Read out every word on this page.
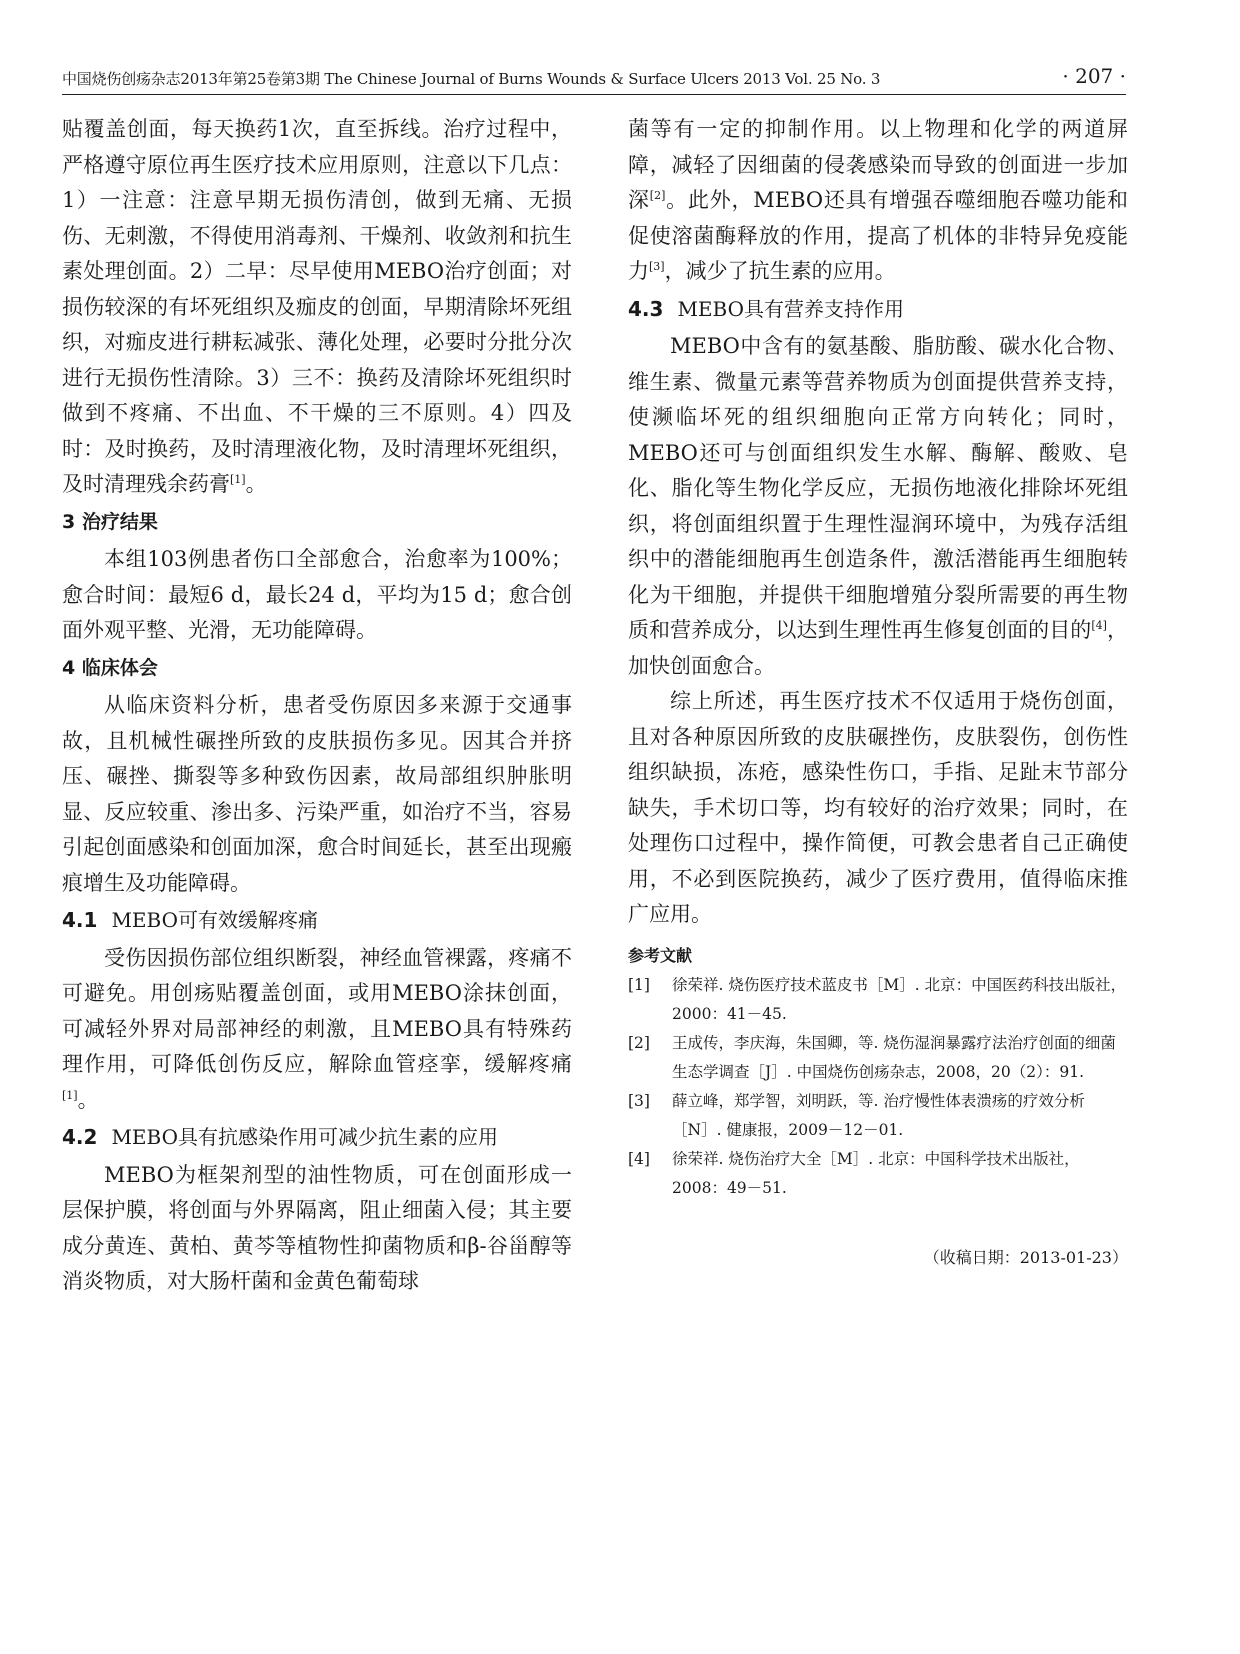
中国烧伤创疡杂志2013年第25卷第3期 The Chinese Journal of Burns Wounds & Surface Ulcers 2013 Vol. 25 No. 3	· 207 ·

贴覆盖创面，每天换药1次，直至拆线。治疗过程中，严格遵守原位再生医疗技术应用原则，注意以下几点：1）一注意：注意早期无损伤清创，做到无痛、无损伤、无刺激，不得使用消毒剂、干燥剂、收敛剂和抗生素处理创面。2）二早：尽早使用MEBO治疗创面；对损伤较深的有坏死组织及痂皮的创面，早期清除坏死组织，对痂皮进行耕耘减张、薄化处理，必要时分批分次进行无损伤性清除。3）三不：换药及清除坏死组织时做到不疼痛、不出血、不干燥的三不原则。4）四及时：及时换药，及时清理液化物，及时清理坏死组织，及时清理残余药膏[1]。

3 治疗结果

本组103例患者伤口全部愈合，治愈率为100%；愈合时间：最短6 d，最长24 d，平均为15 d；愈合创面外观平整、光滑，无功能障碍。

4 临床体会

从临床资料分析，患者受伤原因多来源于交通事故，且机械性碾挫所致的皮肤损伤多见。因其合并挤压、碾挫、撕裂等多种致伤因素，故局部组织肿胀明显、反应较重、渗出多、污染严重，如治疗不当，容易引起创面感染和创面加深，愈合时间延长，甚至出现瘢痕增生及功能障碍。

4.1 MEBO可有效缓解疼痛

受伤因损伤部位组织断裂，神经血管裸露，疼痛不可避免。用创疡贴覆盖创面，或用MEBO涂抹创面，可减轻外界对局部神经的刺激，且MEBO具有特殊药理作用，可降低创伤反应，解除血管痉挛，缓解疼痛[1]。

4.2 MEBO具有抗感染作用可减少抗生素的应用

MEBO为框架剂型的油性物质，可在创面形成一层保护膜，将创面与外界隔离，阻止细菌入侵；其主要成分黄连、黄柏、黄芩等植物性抑菌物质和β-谷甾醇等消炎物质，对大肠杆菌和金黄色葡萄球

菌等有一定的抑制作用。以上物理和化学的两道屏障，减轻了因细菌的侵袭感染而导致的创面进一步加深[2]。此外，MEBO还具有增强吞噬细胞吞噬功能和促使溶菌酶释放的作用，提高了机体的非特异免疫能力[3]，减少了抗生素的应用。

4.3 MEBO具有营养支持作用

MEBO中含有的氨基酸、脂肪酸、碳水化合物、维生素、微量元素等营养物质为创面提供营养支持，使濒临坏死的组织细胞向正常方向转化；同时，MEBO还可与创面组织发生水解、酶解、酸败、皂化、脂化等生物化学反应，无损伤地液化排除坏死组织，将创面组织置于生理性湿润环境中，为残存活组织中的潜能细胞再生创造条件，激活潜能再生细胞转化为干细胞，并提供干细胞增殖分裂所需要的再生物质和营养成分，以达到生理性再生修复创面的目的[4]，加快创面愈合。

综上所述，再生医疗技术不仅适用于烧伤创面，且对各种原因所致的皮肤碾挫伤，皮肤裂伤，创伤性组织缺损，冻疮，感染性伤口，手指、足趾末节部分缺失，手术切口等，均有较好的治疗效果；同时，在处理伤口过程中，操作简便，可教会患者自己正确使用，不必到医院换药，减少了医疗费用，值得临床推广应用。

参考文献
[1] 徐荣祥. 烧伤医疗技术蓝皮书［M］. 北京：中国医药科技出版社，2000：41－45.
[2] 王成传，李庆海，朱国卿，等. 烧伤湿润暴露疗法治疗创面的细菌生态学调查［J］. 中国烧伤创疡杂志，2008，20（2）：91.
[3] 薛立峰，郑学智，刘明跃，等. 治疗慢性体表溃疡的疗效分析［N］. 健康报，2009－12－01.
[4] 徐荣祥. 烧伤治疗大全［M］. 北京：中国科学技术出版社，2008：49－51.
（收稿日期：2013-01-23）
